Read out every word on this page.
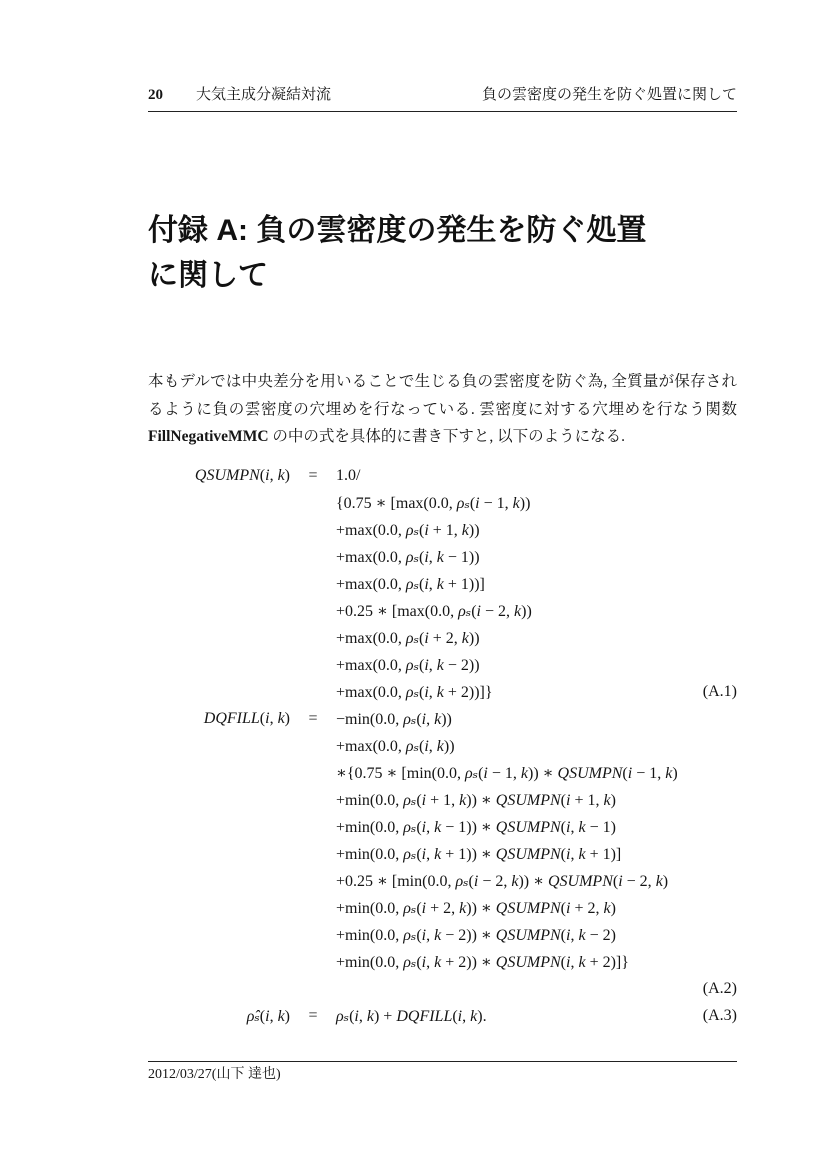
20 大気主成分凝結対流	負の雲密度の発生を防ぐ処置に関して
付録 A: 負の雲密度の発生を防ぐ処置
に関して
本もデルでは中央差分を用いることで生じる負の雲密度を防ぐ為, 全質量が保存されるように負の雲密度の穴埋めを行なっている. 雲密度に対する穴埋めを行なう関数 FillNegativeMMC の中の式を具体的に書き下すと, 以下のようになる.
QSUMPN(i, k)	=	1.0/
{0.75 ∗ [max(0.0, ρₛ(i − 1, k))
+max(0.0, ρₛ(i + 1, k))
+max(0.0, ρₛ(i, k − 1))
+max(0.0, ρₛ(i, k + 1))]
+0.25 ∗ [max(0.0, ρₛ(i − 2, k))
+max(0.0, ρₛ(i + 2, k))
+max(0.0, ρₛ(i, k − 2))
+max(0.0, ρₛ(i, k + 2))]}	(A.1)
DQFILL(i, k)	=	−min(0.0, ρₛ(i, k))
+max(0.0, ρₛ(i, k))
∗{0.75 ∗ [min(0.0, ρₛ(i − 1, k)) ∗ QSUMPN(i − 1, k)
+min(0.0, ρₛ(i + 1, k)) ∗ QSUMPN(i + 1, k)
+min(0.0, ρₛ(i, k − 1)) ∗ QSUMPN(i, k − 1)
+min(0.0, ρₛ(i, k + 1)) ∗ QSUMPN(i, k + 1)]
+0.25 ∗ [min(0.0, ρₛ(i − 2, k)) ∗ QSUMPN(i − 2, k)
+min(0.0, ρₛ(i + 2, k)) ∗ QSUMPN(i + 2, k)
+min(0.0, ρₛ(i, k − 2)) ∗ QSUMPN(i, k − 2)
+min(0.0, ρₛ(i, k + 2)) ∗ QSUMPN(i, k + 2)]}
(A.2)
ρ̂ₛ(i, k)	=	ρₛ(i, k) + DQFILL(i, k).	(A.3)
2012/03/27(山下 達也)
